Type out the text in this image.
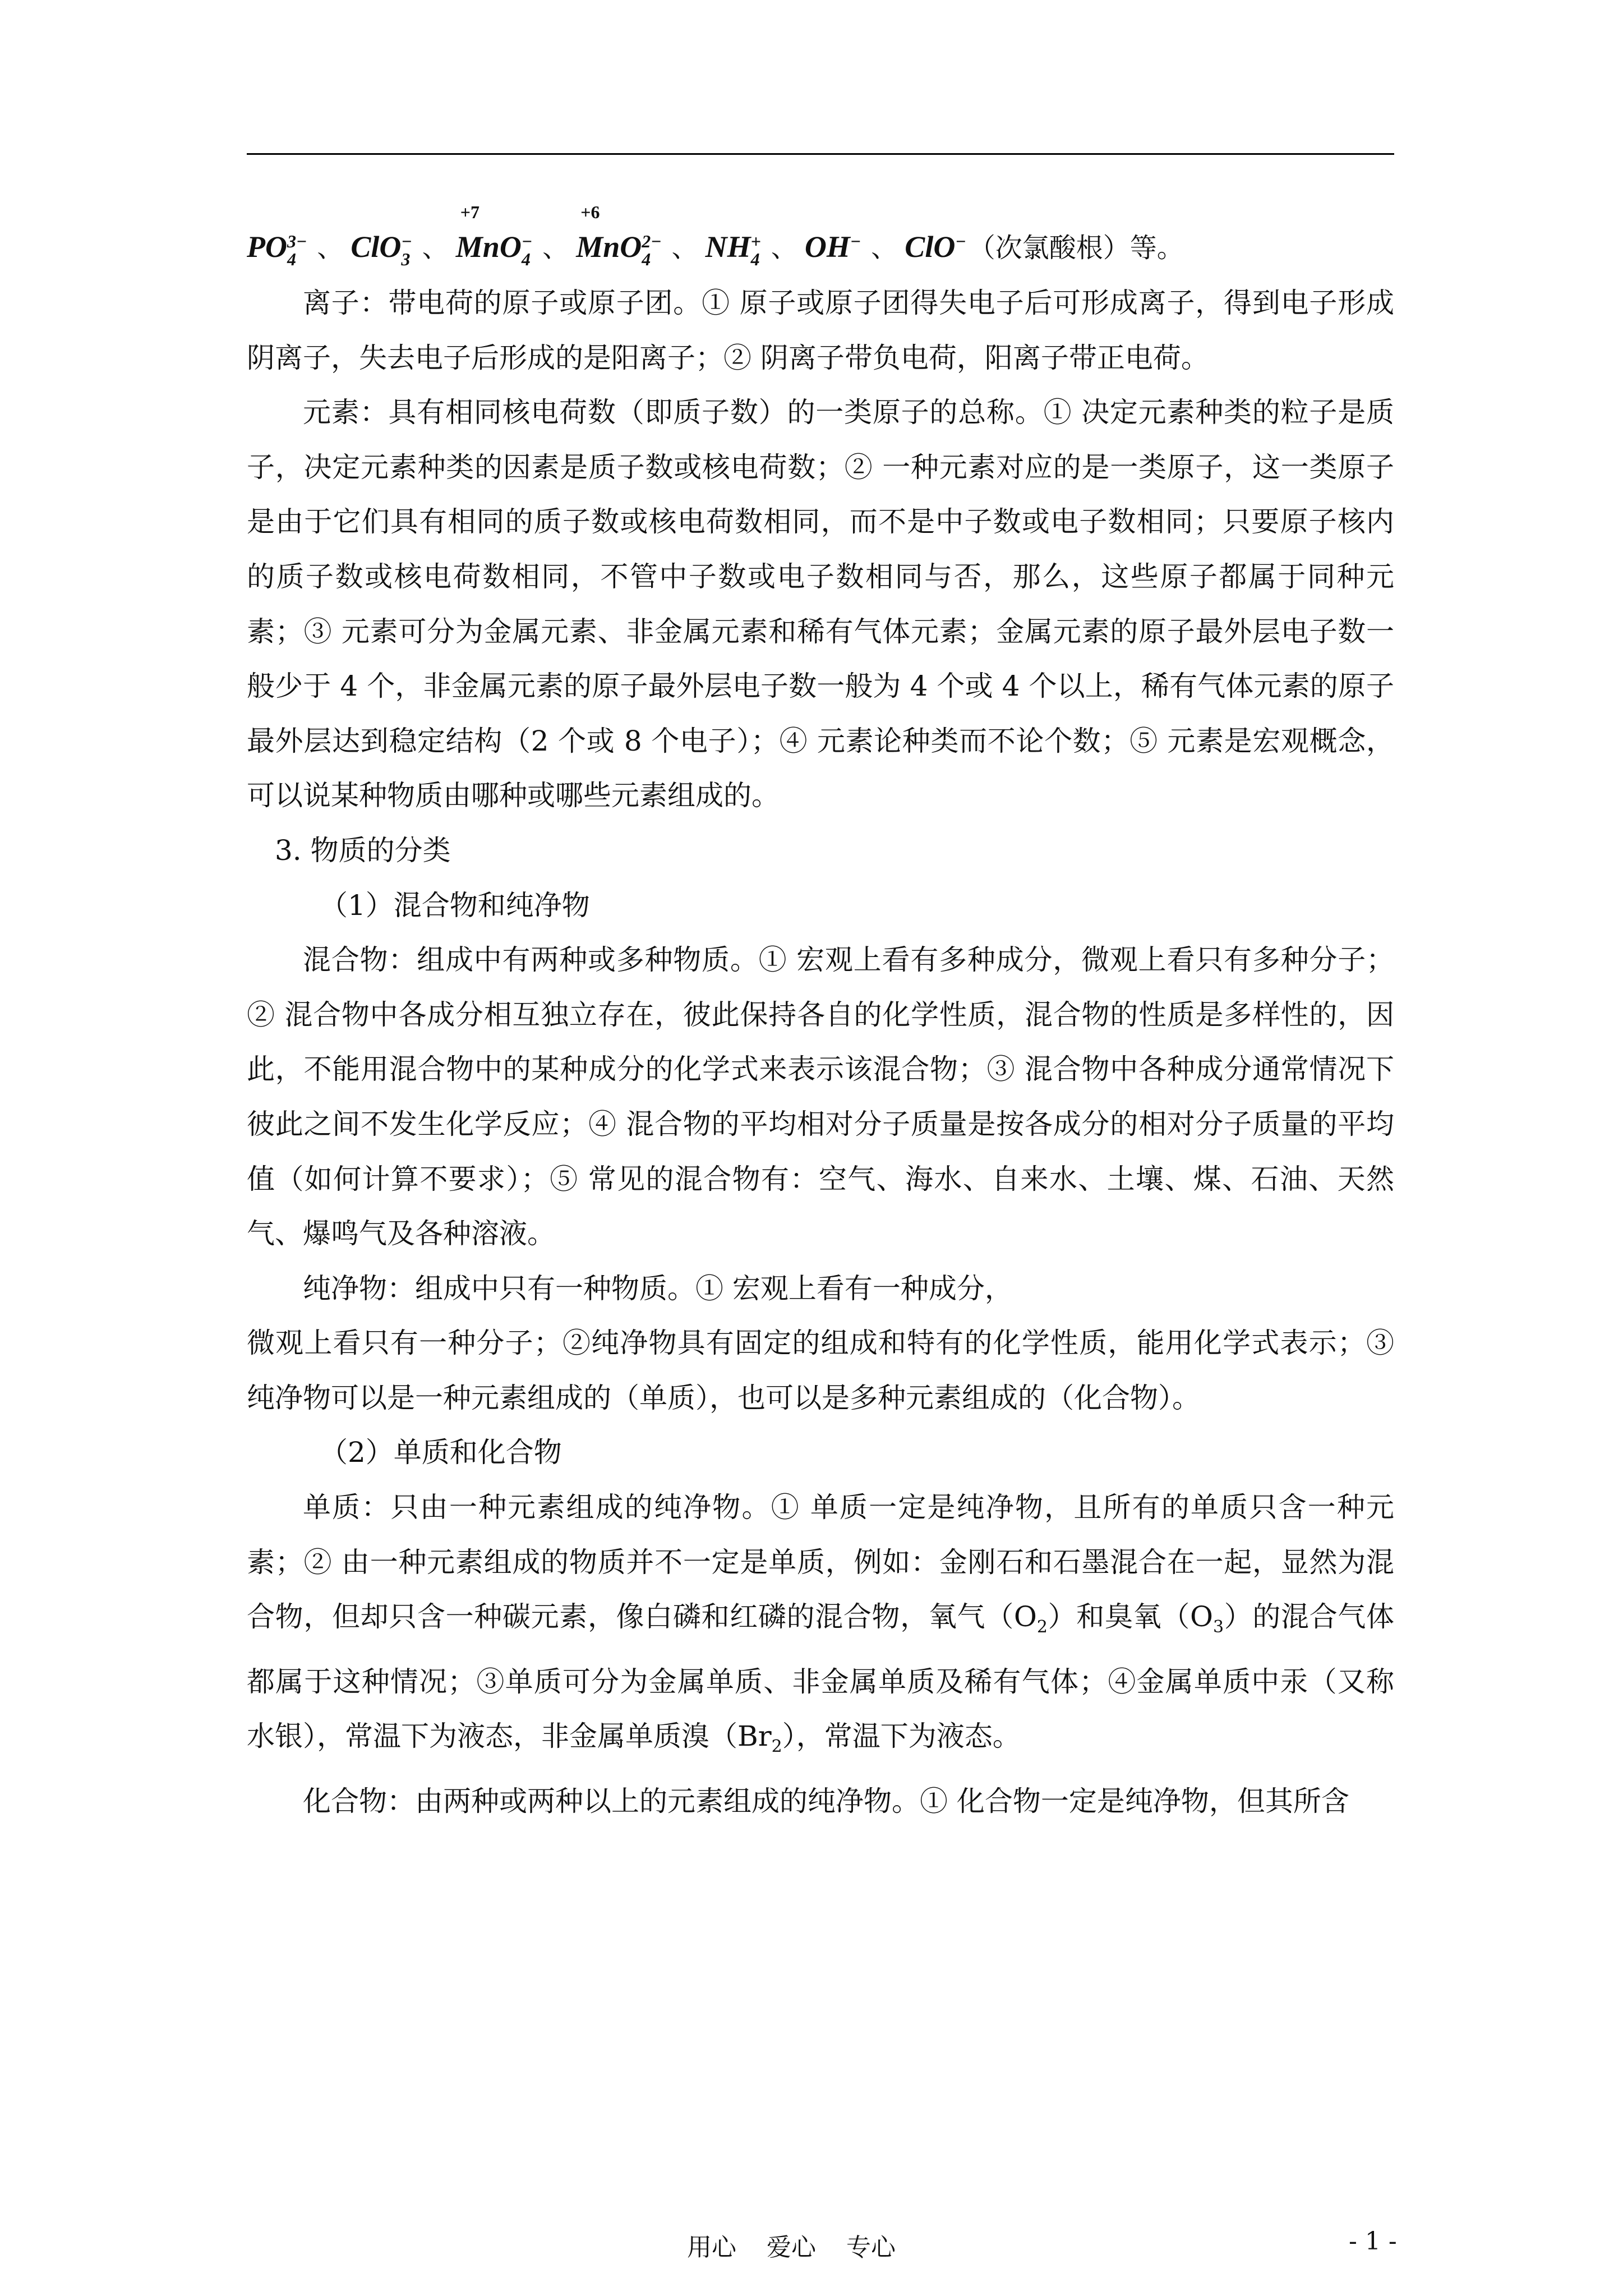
PO 3−
4 、 ClO −
3 、
+7
MnO −
4 、
+6
MnO 2−
4 、 NH +
4 、 OH −
、 ClO −
（次氯酸根）等。

离子：带电荷的原子或原子团。① 原子或原子团得失电子后可形成离子，得到电子形成阴离子，失去电子后形成的是阳离子；② 阴离子带负电荷，阳离子带正电荷。

元素：具有相同核电荷数（即质子数）的一类原子的总称。① 决定元素种类的粒子是质子，决定元素种类的因素是质子数或核电荷数；② 一种元素对应的是一类原子，这一类原子是由于它们具有相同的质子数或核电荷数相同，而不是中子数或电子数相同；只要原子核内的质子数或核电荷数相同，不管中子数或电子数相同与否，那么，这些原子都属于同种元素；③ 元素可分为金属元素、非金属元素和稀有气体元素；金属元素的原子最外层电子数一般少于 4 个，非金属元素的原子最外层电子数一般为 4 个或 4 个以上，稀有气体元素的原子最外层达到稳定结构（2 个或 8 个电子）；④ 元素论种类而不论个数；⑤ 元素是宏观概念，可以说某种物质由哪种或哪些元素组成的。

3. 物质的分类

（1）混合物和纯净物

混合物：组成中有两种或多种物质。① 宏观上看有多种成分，微观上看只有多种分子；② 混合物中各成分相互独立存在，彼此保持各自的化学性质，混合物的性质是多样性的，因此，不能用混合物中的某种成分的化学式来表示该混合物；③ 混合物中各种成分通常情况下彼此之间不发生化学反应；④ 混合物的平均相对分子质量是按各成分的相对分子质量的平均值（如何计算不要求）；⑤ 常见的混合物有：空气、海水、自来水、土壤、煤、石油、天然气、爆鸣气及各种溶液。

纯净物：组成中只有一种物质。① 宏观上看有一种成分，

微观上看只有一种分子；②纯净物具有固定的组成和特有的化学性质，能用化学式表示；③ 纯净物可以是一种元素组成的（单质），也可以是多种元素组成的（化合物）。

（2）单质和化合物

单质：只由一种元素组成的纯净物。① 单质一定是纯净物，且所有的单质只含一种元素；② 由一种元素组成的物质并不一定是单质，例如：金刚石和石墨混合在一起，显然为混合物，但却只含一种碳元素，像白磷和红磷的混合物，氧气$(O_2)$和臭氧$(O_3)$的混合气体都属于这种情况；③单质可分为金属单质、非金属单质及稀有气体；④金属单质中汞（又称水银），常温下为液态，非金属单质溴$(Br_2)$，常温下为液态。

化合物：由两种或两种以上的元素组成的纯净物。① 化合物一定是纯净物，但其所含

用心 爱心 专心	- 1 -
